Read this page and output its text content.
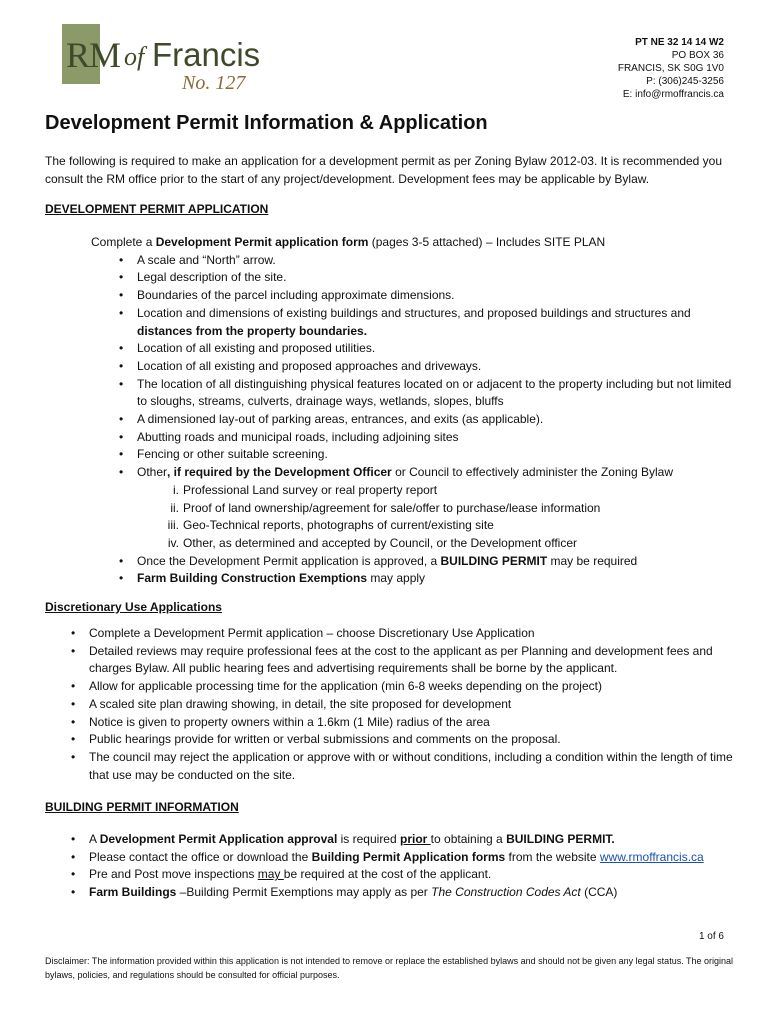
RM of Francis
No. 127
PT NE 32 14 14 W2
PO BOX 36
FRANCIS, SK S0G 1V0
P: (306)245-3256
E: info@rmoffrancis.ca
Development Permit Information & Application

The following is required to make an application for a development permit as per Zoning Bylaw 2012-03. It is recommended you consult the RM office prior to the start of any project/development. Development fees may be applicable by Bylaw.

DEVELOPMENT PERMIT APPLICATION

Complete a Development Permit application form (pages 3-5 attached) – Includes SITE PLAN
• A scale and “North” arrow.
• Legal description of the site.
• Boundaries of the parcel including approximate dimensions.
• Location and dimensions of existing buildings and structures, and proposed buildings and structures and distances from the property boundaries.
• Location of all existing and proposed utilities.
• Location of all existing and proposed approaches and driveways.
• The location of all distinguishing physical features located on or adjacent to the property including but not limited to sloughs, streams, culverts, drainage ways, wetlands, slopes, bluffs
• A dimensioned lay-out of parking areas, entrances, and exits (as applicable).
• Abutting roads and municipal roads, including adjoining sites
• Fencing or other suitable screening.
• Other, if required by the Development Officer or Council to effectively administer the Zoning Bylaw
i. Professional Land survey or real property report
ii. Proof of land ownership/agreement for sale/offer to purchase/lease information
iii. Geo-Technical reports, photographs of current/existing site
iv. Other, as determined and accepted by Council, or the Development officer
• Once the Development Permit application is approved, a BUILDING PERMIT may be required
• Farm Building Construction Exemptions may apply

Discretionary Use Applications

• Complete a Development Permit application – choose Discretionary Use Application
• Detailed reviews may require professional fees at the cost to the applicant as per Planning and development fees and charges Bylaw. All public hearing fees and advertising requirements shall be borne by the applicant.
• Allow for applicable processing time for the application (min 6-8 weeks depending on the project)
• A scaled site plan drawing showing, in detail, the site proposed for development
• Notice is given to property owners within a 1.6km (1 Mile) radius of the area
• Public hearings provide for written or verbal submissions and comments on the proposal.
• The council may reject the application or approve with or without conditions, including a condition within the length of time that use may be conducted on the site.

BUILDING PERMIT INFORMATION

• A Development Permit Application approval is required prior to obtaining a BUILDING PERMIT.
• Please contact the office or download the Building Permit Application forms from the website www.rmoffrancis.ca
• Pre and Post move inspections may be required at the cost of the applicant.
• Farm Buildings –Building Permit Exemptions may apply as per The Construction Codes Act (CCA)
1 of 6

Disclaimer: The information provided within this application is not intended to remove or replace the established bylaws and should not be given any legal status. The original bylaws, policies, and regulations should be consulted for official purposes.
